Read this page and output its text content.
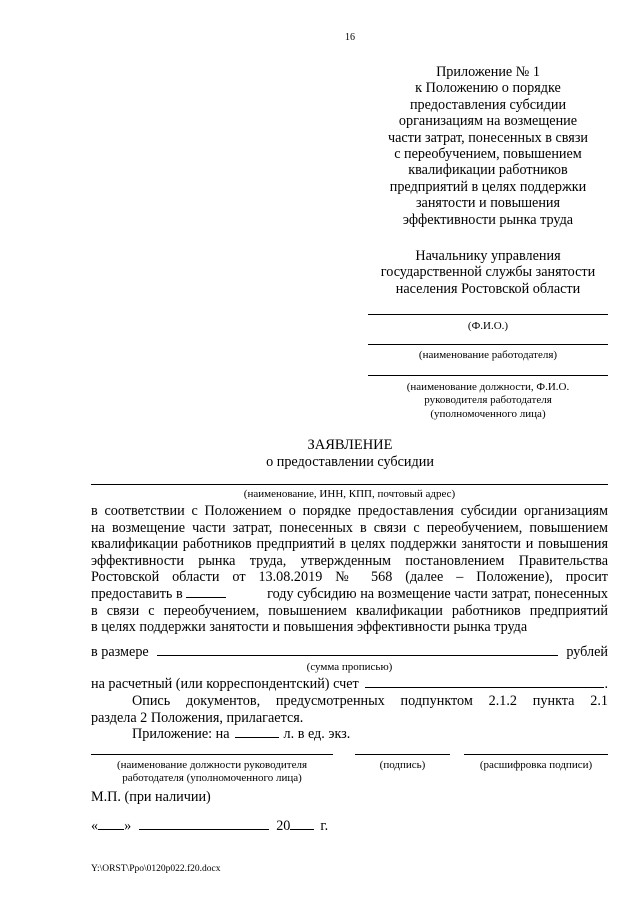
16
Приложение № 1
к Положению о порядке
предоставления субсидии
организациям на возмещение
части затрат, понесенных в связи
с переобучением, повышением
квалификации работников
предприятий в целях поддержки
занятости и повышения
эффективности рынка труда
Начальнику управления
государственной службы занятости
населения Ростовской области
(Ф.И.О.)
(наименование работодателя)
(наименование должности, Ф.И.О.
руководителя работодателя
(уполномоченного лица)
ЗАЯВЛЕНИЕ
о предоставлении субсидии
(наименование, ИНН, КПП, почтовый адрес)
в соответствии с Положением о порядке предоставления субсидии организациям
на возмещение части затрат, понесенных в связи с переобучением, повышением
квалификации работников предприятий в целях поддержки занятости и повышения
эффективности рынка труда, утвержденным постановлением Правительства
Ростовской области от 13.08.2019 № 568 (далее – Положение), просит
предоставить в	году субсидию на возмещение части затрат, понесенных
в связи с переобучением, повышением квалификации работников предприятий
в целях поддержки занятости и повышения эффективности рынка труда
в размере	рублей
(сумма прописью)
на расчетный (или корреспондентский) счет	.
Опись документов, предусмотренных подпунктом 2.1.2 пункта 2.1
раздела 2 Положения, прилагается.
Приложение: на	л. в ед. экз.
(наименование должности руководителя
работодателя (уполномоченного лица)
(подпись)	(расшифровка подписи)
М.П. (при наличии)
« »	20 г.
Y:\ORST\Ppo\0120p022.f20.docx
